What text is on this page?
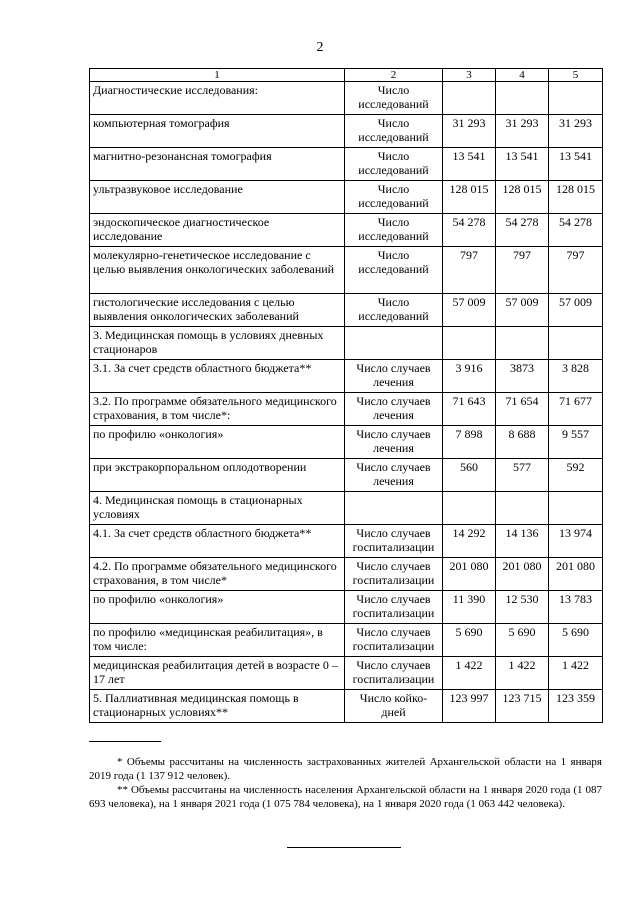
2
1	2	3	4	5
Диагностические исследования:	Число исследований			
компьютерная томография	Число исследований	31 293	31 293	31 293
магнитно-резонансная томография	Число исследований	13 541	13 541	13 541
ультразвуковое исследование	Число исследований	128 015	128 015	128 015
эндоскопическое диагностическое исследование	Число исследований	54 278	54 278	54 278
молекулярно-генетическое исследование с целью выявления онкологических заболеваний	Число исследований	797	797	797
гистологические исследования с целью выявления онкологических заболеваний	Число исследований	57 009	57 009	57 009
3. Медицинская помощь в условиях дневных стационаров				
3.1. За счет средств областного бюджета**	Число случаев лечения	3 916	3873	3 828
3.2. По программе обязательного медицинского страхования, в том числе*:	Число случаев лечения	71 643	71 654	71 677
по профилю «онкология»	Число случаев лечения	7 898	8 688	9 557
при экстракорпоральном оплодотворении	Число случаев лечения	560	577	592
4. Медицинская помощь в стационарных условиях				
4.1. За счет средств областного бюджета**	Число случаев госпитализации	14 292	14 136	13 974
4.2. По программе обязательного медицинского страхования, в том числе*	Число случаев госпитализации	201 080	201 080	201 080
по профилю «онкология»	Число случаев госпитализации	11 390	12 530	13 783
по профилю «медицинская реабилитация», в том числе:	Число случаев госпитализации	5 690	5 690	5 690
медицинская реабилитация детей в возрасте 0 – 17 лет	Число случаев госпитализации	1 422	1 422	1 422
5. Паллиативная медицинская помощь в стационарных условиях**	Число койко-дней	123 997	123 715	123 359

* Объемы рассчитаны на численность застрахованных жителей Архангельской области на 1 января 2019 года (1 137 912 человек).

** Объемы рассчитаны на численность населения Архангельской области на 1 января 2020 года (1 087 693 человека), на 1 января 2021 года (1 075 784 человека), на 1 января 2020 года (1 063 442 человека).
